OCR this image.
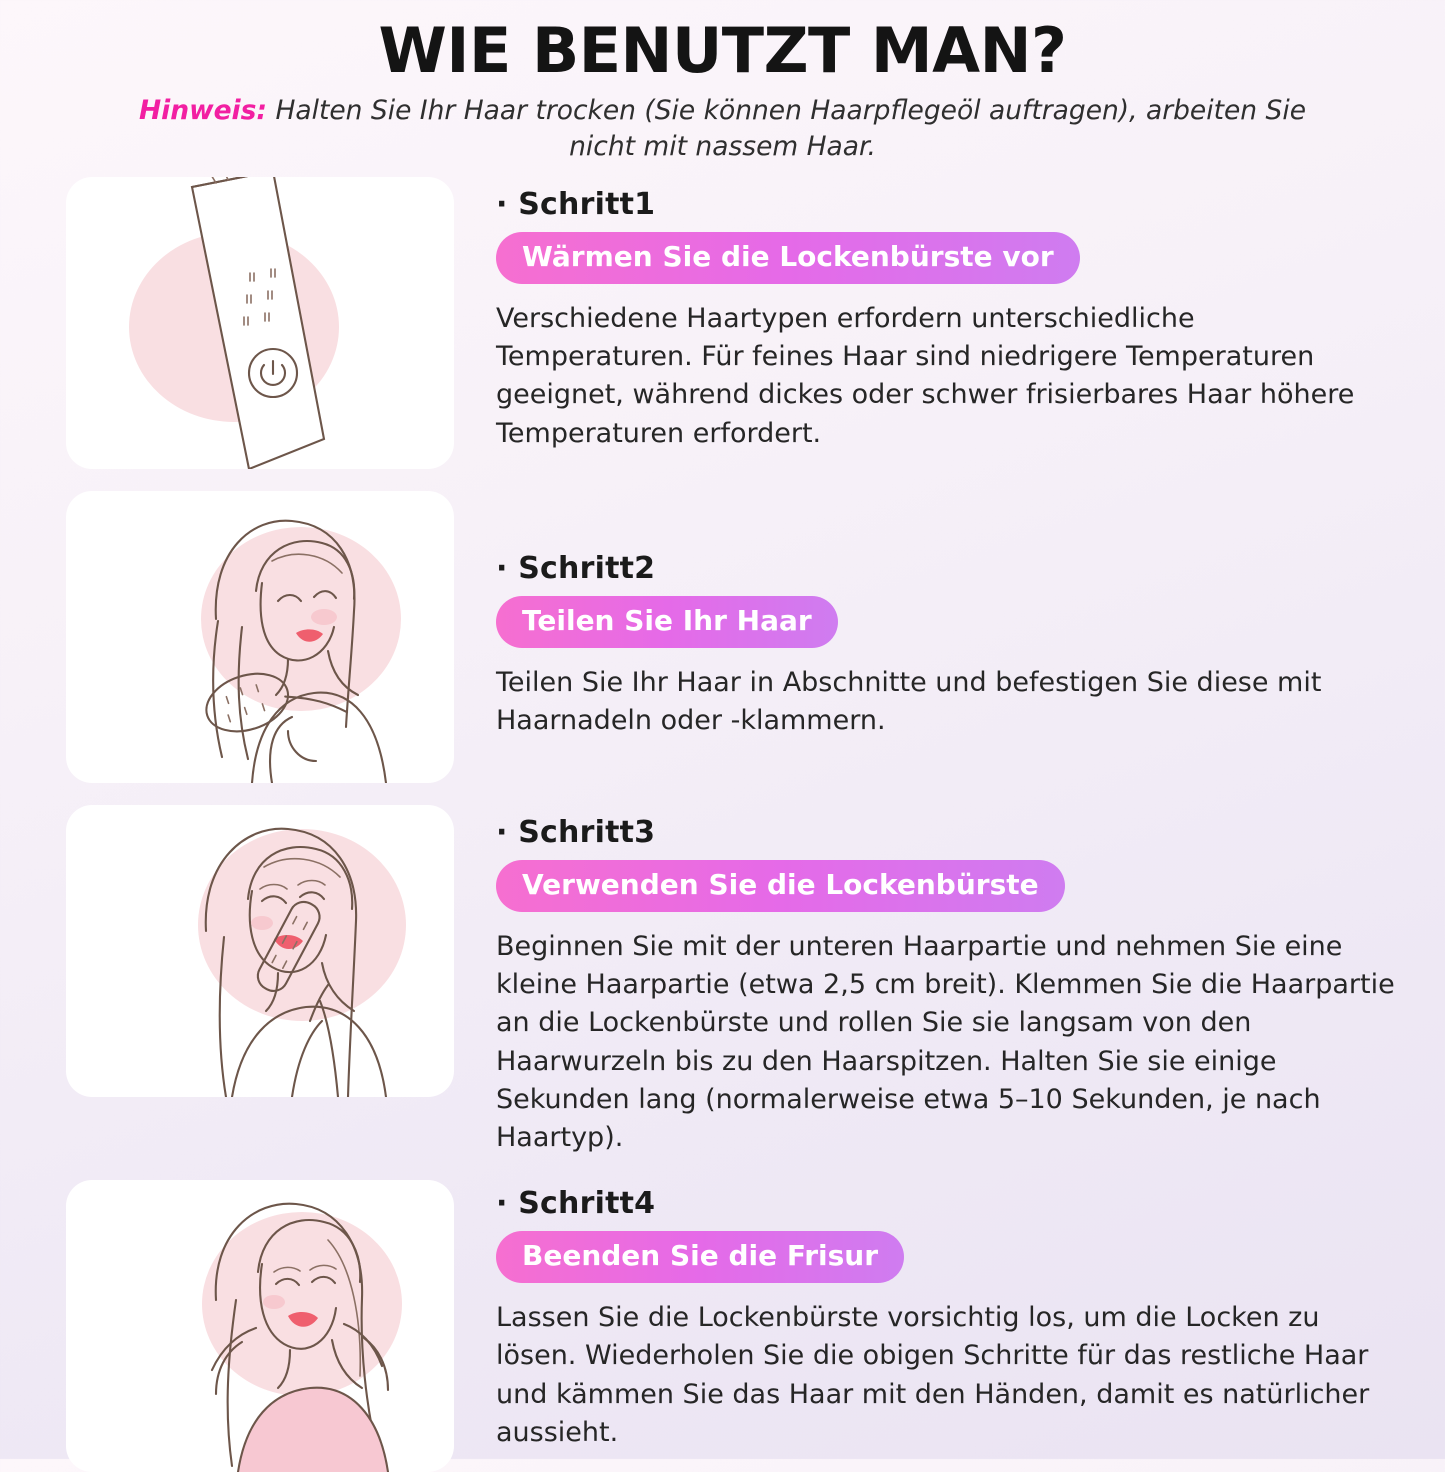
WIE BENUTZT MAN?

Hinweis: Halten Sie Ihr Haar trocken (Sie können Haarpflegeöl auftragen), arbeiten Sie nicht mit nassem Haar.

· Schritt1
Wärmen Sie die Lockenbürste vor
Verschiedene Haartypen erfordern unterschiedliche Temperaturen. Für feines Haar sind niedrigere Temperaturen geeignet, während dickes oder schwer frisierbares Haar höhere Temperaturen erfordert.
· Schritt2
Teilen Sie Ihr Haar
Teilen Sie Ihr Haar in Abschnitte und befestigen Sie diese mit Haarnadeln oder -klammern.
· Schritt3
Verwenden Sie die Lockenbürste
Beginnen Sie mit der unteren Haarpartie und nehmen Sie eine kleine Haarpartie (etwa 2,5 cm breit). Klemmen Sie die Haarpartie an die Lockenbürste und rollen Sie sie langsam von den Haarwurzeln bis zu den Haarspitzen. Halten Sie sie einige Sekunden lang (normalerweise etwa 5–10 Sekunden, je nach Haartyp).
· Schritt4
Beenden Sie die Frisur
Lassen Sie die Lockenbürste vorsichtig los, um die Locken zu lösen. Wiederholen Sie die obigen Schritte für das restliche Haar und kämmen Sie das Haar mit den Händen, damit es natürlicher aussieht.
